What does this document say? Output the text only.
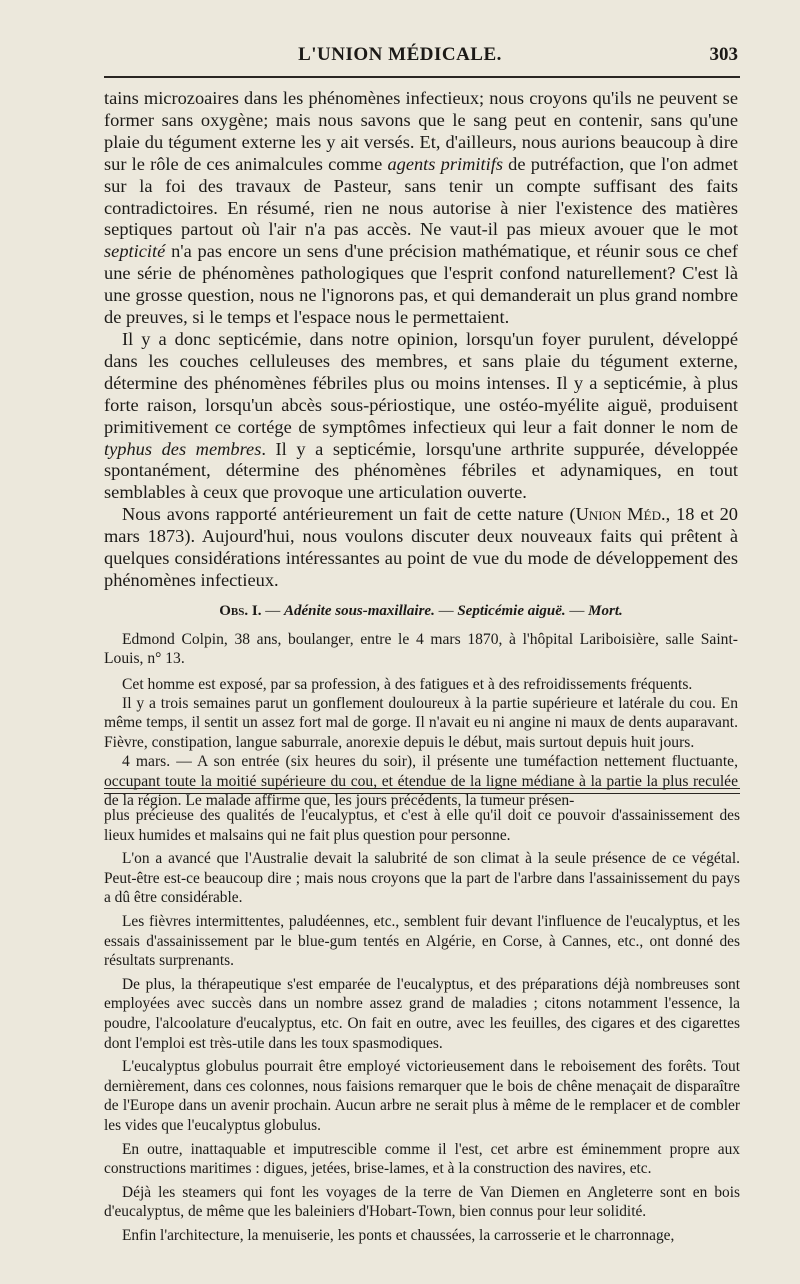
L'UNION MÉDICALE.	303

tains microzoaires dans les phénomènes infectieux; nous croyons qu'ils ne peuvent se former sans oxygène; mais nous savons que le sang peut en contenir, sans qu'une plaie du tégument externe les y ait versés. Et, d'ailleurs, nous aurions beaucoup à dire sur le rôle de ces animalcules comme agents primitifs de putréfaction, que l'on admet sur la foi des travaux de Pasteur, sans tenir un compte suffisant des faits contradictoires. En résumé, rien ne nous autorise à nier l'existence des matières septiques partout où l'air n'a pas accès. Ne vaut-il pas mieux avouer que le mot septicité n'a pas encore un sens d'une précision mathématique, et réunir sous ce chef une série de phénomènes pathologiques que l'esprit confond naturellement? C'est là une grosse question, nous ne l'ignorons pas, et qui demanderait un plus grand nombre de preuves, si le temps et l'espace nous le permettaient.

Il y a donc septicémie, dans notre opinion, lorsqu'un foyer purulent, développé dans les couches celluleuses des membres, et sans plaie du tégument externe, détermine des phénomènes fébriles plus ou moins intenses. Il y a septicémie, à plus forte raison, lorsqu'un abcès sous-périostique, une ostéo-myélite aiguë, produisent primitivement ce cortége de symptômes infectieux qui leur a fait donner le nom de typhus des membres. Il y a septicémie, lorsqu'une arthrite suppurée, développée spontanément, détermine des phénomènes fébriles et adynamiques, en tout semblables à ceux que provoque une articulation ouverte.

Nous avons rapporté antérieurement un fait de cette nature (Union Méd., 18 et 20 mars 1873). Aujourd'hui, nous voulons discuter deux nouveaux faits qui prêtent à quelques considérations intéressantes au point de vue du mode de développement des phénomènes infectieux.

Obs. I. — Adénite sous-maxillaire. — Septicémie aiguë. — Mort.

Edmond Colpin, 38 ans, boulanger, entre le 4 mars 1870, à l'hôpital Lariboisière, salle Saint-Louis, n° 13.

Cet homme est exposé, par sa profession, à des fatigues et à des refroidissements fréquents.

Il y a trois semaines parut un gonflement douloureux à la partie supérieure et latérale du cou. En même temps, il sentit un assez fort mal de gorge. Il n'avait eu ni angine ni maux de dents auparavant. Fièvre, constipation, langue saburrale, anorexie depuis le début, mais surtout depuis huit jours.

4 mars. — A son entrée (six heures du soir), il présente une tuméfaction nettement fluctuante, occupant toute la moitié supérieure du cou, et étendue de la ligne médiane à la partie la plus reculée de la région. Le malade affirme que, les jours précédents, la tumeur présen-

plus précieuse des qualités de l'eucalyptus, et c'est à elle qu'il doit ce pouvoir d'assainissement des lieux humides et malsains qui ne fait plus question pour personne.

L'on a avancé que l'Australie devait la salubrité de son climat à la seule présence de ce végétal. Peut-être est-ce beaucoup dire ; mais nous croyons que la part de l'arbre dans l'assainissement du pays a dû être considérable.

Les fièvres intermittentes, paludéennes, etc., semblent fuir devant l'influence de l'eucalyptus, et les essais d'assainissement par le blue-gum tentés en Algérie, en Corse, à Cannes, etc., ont donné des résultats surprenants.

De plus, la thérapeutique s'est emparée de l'eucalyptus, et des préparations déjà nombreuses sont employées avec succès dans un nombre assez grand de maladies ; citons notamment l'essence, la poudre, l'alcoolature d'eucalyptus, etc. On fait en outre, avec les feuilles, des cigares et des cigarettes dont l'emploi est très-utile dans les toux spasmodiques.

L'eucalyptus globulus pourrait être employé victorieusement dans le reboisement des forêts. Tout dernièrement, dans ces colonnes, nous faisions remarquer que le bois de chêne menaçait de disparaître de l'Europe dans un avenir prochain. Aucun arbre ne serait plus à même de le remplacer et de combler les vides que l'eucalyptus globulus.

En outre, inattaquable et imputrescible comme il l'est, cet arbre est éminemment propre aux constructions maritimes : digues, jetées, brise-lames, et à la construction des navires, etc.

Déjà les steamers qui font les voyages de la terre de Van Diemen en Angleterre sont en bois d'eucalyptus, de même que les baleiniers d'Hobart-Town, bien connus pour leur solidité.

Enfin l'architecture, la menuiserie, les ponts et chaussées, la carrosserie et le charronnage,
